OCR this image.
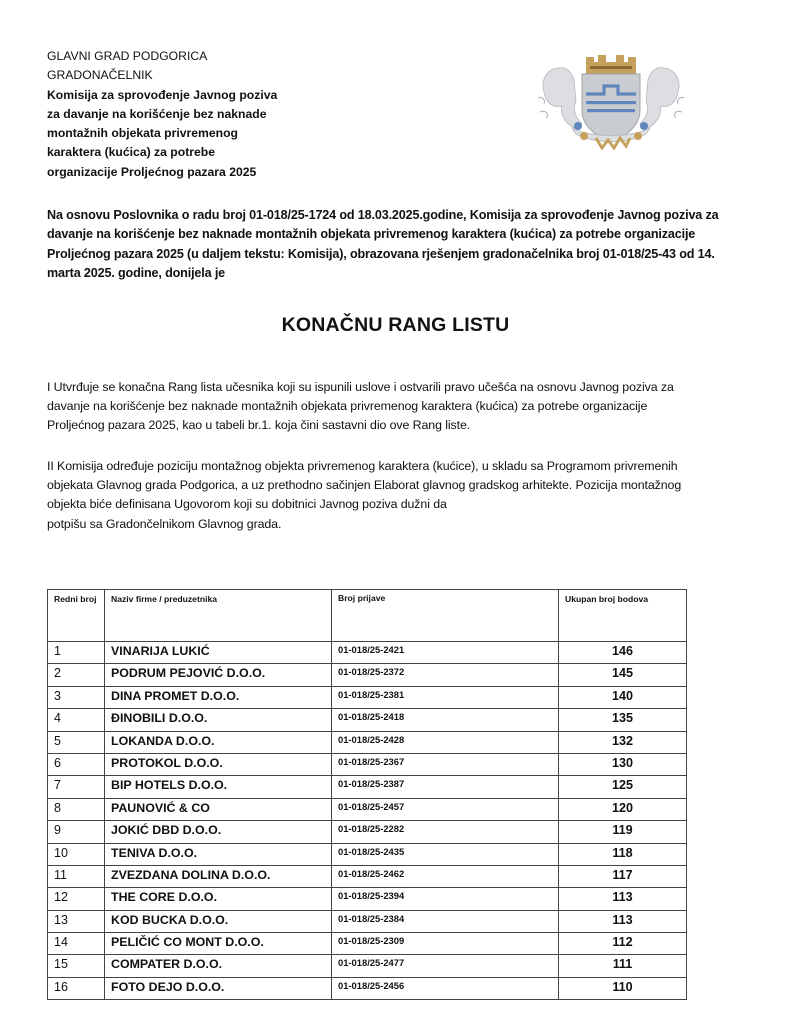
GLAVNI GRAD PODGORICA
GRADONAČELNIK
Komisija za sprovođenje Javnog poziva
za davanje na korišćenje bez naknade
montažnih objekata privremenog
karaktera (kućica) za potrebe
organizacije Proljećnog pazara 2025
Na osnovu Poslovnika o radu broj 01-018/25-1724 od 18.03.2025.godine, Komisija za sprovođenje Javnog poziva za
davanje na korišćenje bez naknade montažnih objekata privremenog karaktera (kućica) za potrebe organizacije
Proljećnog pazara 2025 (u daljem tekstu: Komisija), obrazovana rješenjem gradonačelnika broj 01-018/25-43 od 14.
marta 2025. godine, donijela je
KONAČNU RANG LISTU
I Utvrđuje se konačna Rang lista učesnika koji su ispunili uslove i ostvarili pravo učešća na osnovu Javnog poziva za
davanje na korišćenje bez naknade montažnih objekata privremenog karaktera (kućica) za potrebe organizacije
Proljećnog pazara 2025, kao u tabeli br.1. koja čini sastavni dio ove Rang liste.
II Komisija određuje poziciju montažnog objekta privremenog karaktera (kućice), u skladu sa Programom privremenih
objekata Glavnog grada Podgorica, a uz prethodno sačinjen Elaborat glavnog gradskog arhitekte. Pozicija montažnog
objekta biće definisana Ugovorom koji su dobitnici Javnog poziva dužni da
potpišu sa Gradončelnikom Glavnog grada.
Redni broj	Naziv firme / preduzetnika	Broj prijave	Ukupan broj bodova
1	VINARIJA LUKIĆ	01-018/25-2421	146
2	PODRUM PEJOVIĆ D.O.O.	01-018/25-2372	145
3	DINA PROMET D.O.O.	01-018/25-2381	140
4	ĐINOBILI D.O.O.	01-018/25-2418	135
5	LOKANDA D.O.O.	01-018/25-2428	132
6	PROTOKOL D.O.O.	01-018/25-2367	130
7	BIP HOTELS D.O.O.	01-018/25-2387	125
8	PAUNOVIĆ & CO	01-018/25-2457	120
9	JOKIĆ DBD D.O.O.	01-018/25-2282	119
10	TENIVA D.O.O.	01-018/25-2435	118
11	ZVEZDANA DOLINA D.O.O.	01-018/25-2462	117
12	THE CORE D.O.O.	01-018/25-2394	113
13	KOD BUCKA D.O.O.	01-018/25-2384	113
14	PELIČIĆ CO MONT D.O.O.	01-018/25-2309	112
15	COMPATER D.O.O.	01-018/25-2477	111
16	FOTO DEJO D.O.O.	01-018/25-2456	110
